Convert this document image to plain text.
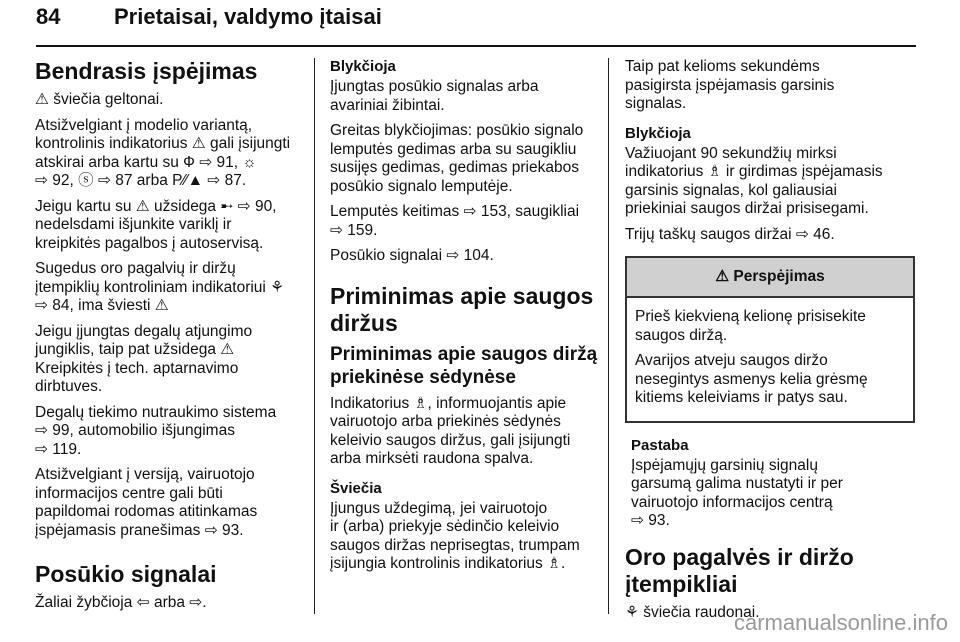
84 Prietaisai, valdymo įtaisai
Bendrasis įspėjimas

⚠ šviečia geltonai.

Atsižvelgiant į modelio variantą,
kontrolinis indikatorius ⚠ gali įsijungti
atskirai arba kartu su Ф ⇨ 91, ☼
⇨ 92, ⓢ ⇨ 87 arba P⁄⁄▲ ⇨ 87.

Jeigu kartu su ⚠ užsidega ➸ ⇨ 90,
nedelsdami išjunkite variklį ir
kreipkitės pagalbos į autoservisą.

Sugedus oro pagalvių ir diržų
įtempiklių kontroliniam indikatoriui ⚘
⇨ 84, ima šviesti ⚠

Jeigu įjungtas degalų atjungimo
jungiklis, taip pat užsidega ⚠
Kreipkitės į tech. aptarnavimo
dirbtuves.

Degalų tiekimo nutraukimo sistema
⇨ 99, automobilio išjungimas
⇨ 119.

Atsižvelgiant į versiją, vairuotojo
informacijos centre gali būti
papildomai rodomas atitinkamas
įspėjamasis pranešimas ⇨ 93.

Posūkio signalai

Žaliai žybčioja ⇦ arba ⇨.

Blykčioja

Įjungtas posūkio signalas arba
avariniai žibintai.

Greitas blykčiojimas: posūkio signalo
lemputės gedimas arba su saugikliu
susijęs gedimas, gedimas priekabos
posūkio signalo lemputėje.

Lemputės keitimas ⇨ 153, saugikliai
⇨ 159.

Posūkio signalai ⇨ 104.

Priminimas apie saugos
diržus
Priminimas apie saugos diržą
priekinėse sėdynėse

Indikatorius ♗, informuojantis apie
vairuotojo arba priekinės sėdynės
keleivio saugos diržus, gali įsijungti
arba mirksėti raudona spalva.

Šviečia

Įjungus uždegimą, jei vairuotojo
ir (arba) priekyje sėdinčio keleivio
saugos diržas neprisegtas, trumpam
įsijungia kontrolinis indikatorius ♗.

Taip pat kelioms sekundėms
pasigirsta įspėjamasis garsinis
signalas.

Blykčioja

Važiuojant 90 sekundžių mirksi
indikatorius ♗ ir girdimas įspėjamasis
garsinis signalas, kol galiausiai
priekiniai saugos diržai prisisegami.

Trijų taškų saugos diržai ⇨ 46.

⚠ Perspėjimas

Prieš kiekvieną kelionę prisisekite
saugos diržą.

Avarijos atveju saugos diržo
nesegintys asmenys kelia grėsmę
kitiems keleiviams ir patys sau.

Pastaba

Įspėjamųjų garsinių signalų
garsumą galima nustatyti ir per
vairuotojo informacijos centrą
⇨ 93.

Oro pagalvės ir diržo
įtempikliai

⚘ šviečia raudonai.

carmanualsonline.info
